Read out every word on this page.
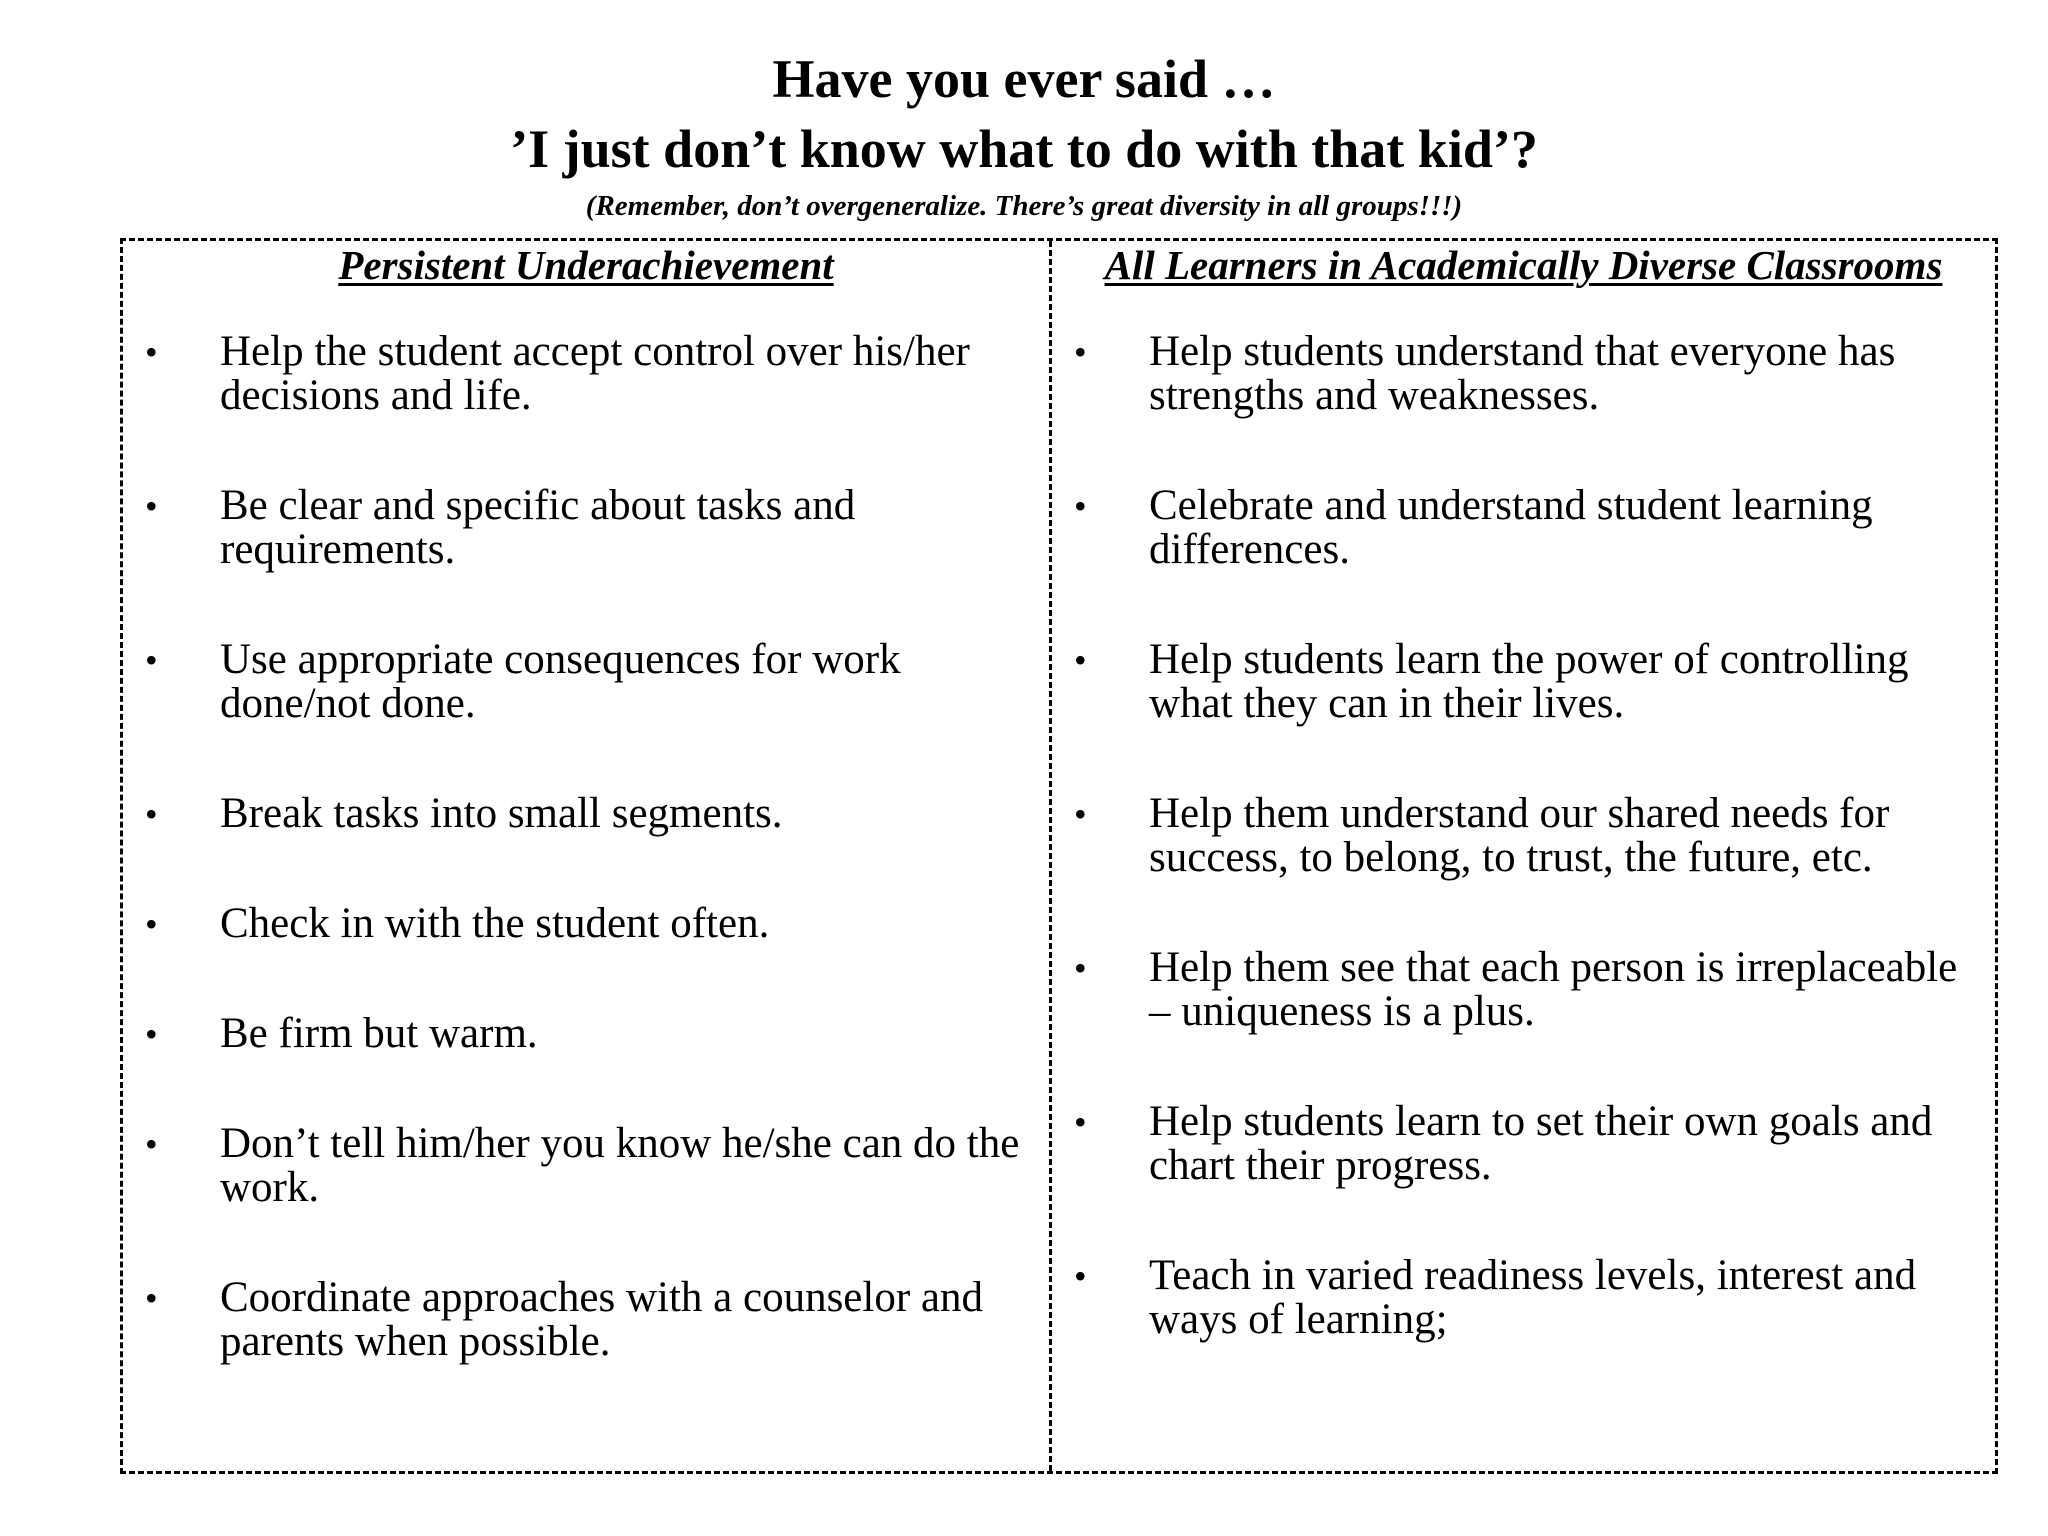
Have you ever said …

’I just don’t know what to do with that kid’?

(Remember, don’t overgeneralize. There’s great diversity in all groups!!!)

Persistent Underachievement
•	Help the student accept control over his/her decisions and life.
•	Be clear and specific about tasks and requirements.
•	Use appropriate consequences for work done/not done.
•	Break tasks into small segments.
•	Check in with the student often.
•	Be firm but warm.
•	Don’t tell him/her you know he/she can do the work.
•	Coordinate approaches with a counselor and parents when possible.
All Learners in Academically Diverse Classrooms
•	Help students understand that everyone has strengths and weaknesses.
•	Celebrate and understand student learning differences.
•	Help students learn the power of controlling what they can in their lives.
•	Help them understand our shared needs for success, to belong, to trust, the future, etc.
•	Help them see that each person is irreplaceable – uniqueness is a plus.
•	Help students learn to set their own goals and chart their progress.
•	Teach in varied readiness levels, interest and ways of learning;
